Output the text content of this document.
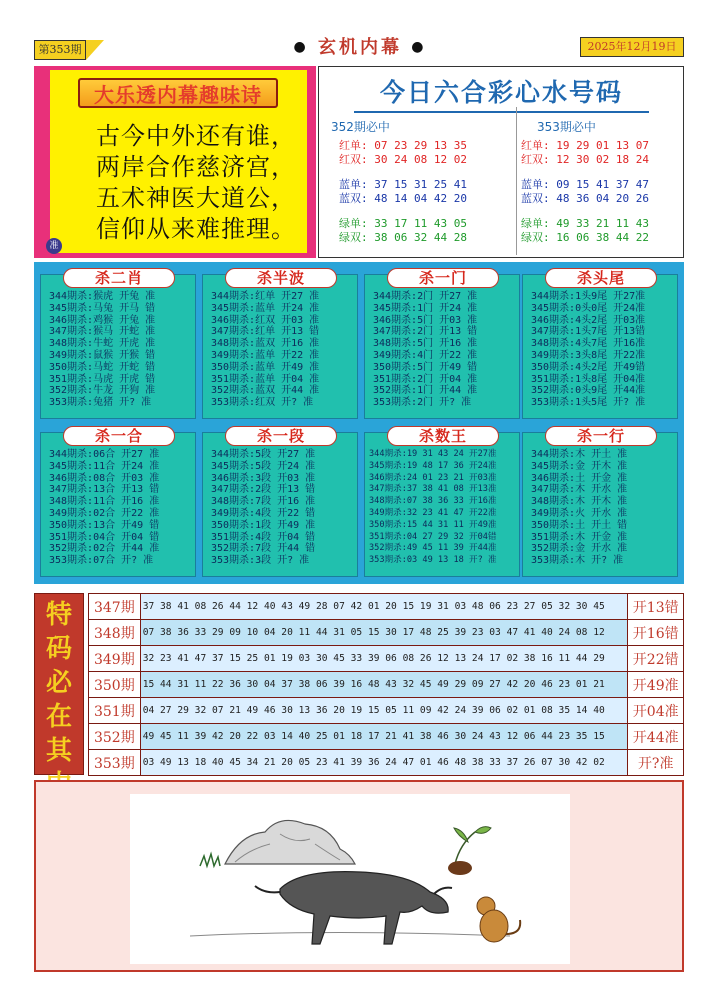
第353期	● 玄机内幕 ●	2025年12月19日
大乐透内幕趣味诗
古今中外还有谁，
两岸合作慈济宫，
五术神医大道公，
信仰从来难推理。
准
今日六合彩心水号码
352期必中
红单: 07 23 29 13 35
红双: 30 24 08 12 02
蓝单: 37 15 31 25 41
蓝双: 48 14 04 42 20
绿单: 33 17 11 43 05
绿双: 38 06 32 44 28
353期必中
红单: 19 29 01 13 07
红双: 12 30 02 18 24
蓝单: 09 15 41 37 47
蓝双: 48 36 04 20 26
绿单: 49 33 21 11 43
绿双: 16 06 38 44 22
杀二肖
344期杀:猴虎 开兔 准
345期杀:马兔 开马 错
346期杀:鸡猴 开兔 准
347期杀:猴马 开蛇 准
348期杀:牛蛇 开虎 准
349期杀:鼠猴 开猴 错
350期杀:马蛇 开蛇 错
351期杀:马虎 开虎 错
352期杀:牛龙 开狗 准
353期杀:兔猪 开? 准
杀半波
344期杀:红单 开27 准
345期杀:蓝单 开24 准
346期杀:红双 开03 准
347期杀:红单 开13 错
348期杀:蓝双 开16 准
349期杀:蓝单 开22 准
350期杀:蓝单 开49 准
351期杀:蓝单 开04 准
352期杀:蓝双 开44 准
353期杀:红双 开? 准
杀一门
344期杀:2门 开27 准
345期杀:1门 开24 准
346期杀:5门 开03 准
347期杀:2门 开13 错
348期杀:5门 开16 准
349期杀:4门 开22 准
350期杀:5门 开49 错
351期杀:2门 开04 准
352期杀:1门 开44 准
353期杀:2门 开? 准
杀头尾
344期杀:1头9尾 开27准
345期杀:0头0尾 开24准
346期杀:4头2尾 开03准
347期杀:1头7尾 开13错
348期杀:4头7尾 开16准
349期杀:3头8尾 开22准
350期杀:4头2尾 开49错
351期杀:1头8尾 开04准
352期杀:0头9尾 开44准
353期杀:1头5尾 开? 准
杀一合
344期杀:06合 开27 准
345期杀:11合 开24 准
346期杀:08合 开03 准
347期杀:13合 开13 错
348期杀:11合 开16 准
349期杀:02合 开22 准
350期杀:13合 开49 错
351期杀:04合 开04 错
352期杀:02合 开44 准
353期杀:07合 开? 准
杀一段
344期杀:5段 开27 准
345期杀:5段 开24 准
346期杀:3段 开03 准
347期杀:2段 开13 错
348期杀:7段 开16 准
349期杀:4段 开22 错
350期杀:1段 开49 准
351期杀:4段 开04 错
352期杀:7段 开44 错
353期杀:3段 开? 准
杀数王
344期杀:19 31 43 24 开27准
345期杀:19 48 17 36 开24准
346期杀:24 01 23 21 开03准
347期杀:37 38 41 08 开13准
348期杀:07 38 36 33 开16准
349期杀:32 23 41 47 开22准
350期杀:15 44 31 11 开49准
351期杀:04 27 29 32 开04错
352期杀:49 45 11 39 开44准
353期杀:03 49 13 18 开? 准
杀一行
344期杀:木 开土 准
345期杀:金 开木 准
346期杀:土 开金 准
347期杀:木 开水 准
348期杀:木 开木 准
349期杀:火 开水 准
350期杀:土 开土 错
351期杀:木 开金 准
352期杀:金 开水 准
353期杀:木 开? 准
特
码
必
在
其
347期	37 38 41 08 26 44 12 40 43 49 28 07 42 01 20 15 19 31 03 48 06 23 27 05 32 30 45	开13错
348期	07 38 36 33 29 09 10 04 20 11 44 31 05 15 30 17 48 25 39 23 03 47 41 40 24 08 12	开16错
349期	32 23 41 47 37 15 25 01 19 03 30 45 33 39 06 08 26 12 13 24 17 02 38 16 11 44 29	开22错
350期	15 44 31 11 22 36 30 04 37 38 06 39 16 48 43 32 45 49 29 09 27 42 20 46 23 01 21	开49准
351期	04 27 29 32 07 21 49 46 30 13 36 20 19 15 05 11 09 42 24 39 06 02 01 08 35 14 40	开04准
352期	49 45 11 39 42 20 22 03 14 40 25 01 18 17 21 41 38 46 30 24 43 12 06 44 23 35 15	开44准
353期	03 49 13 18 40 45 34 21 20 05 23 41 39 36 24 47 01 46 48 38 33 37 26 07 30 42 02	开?准
